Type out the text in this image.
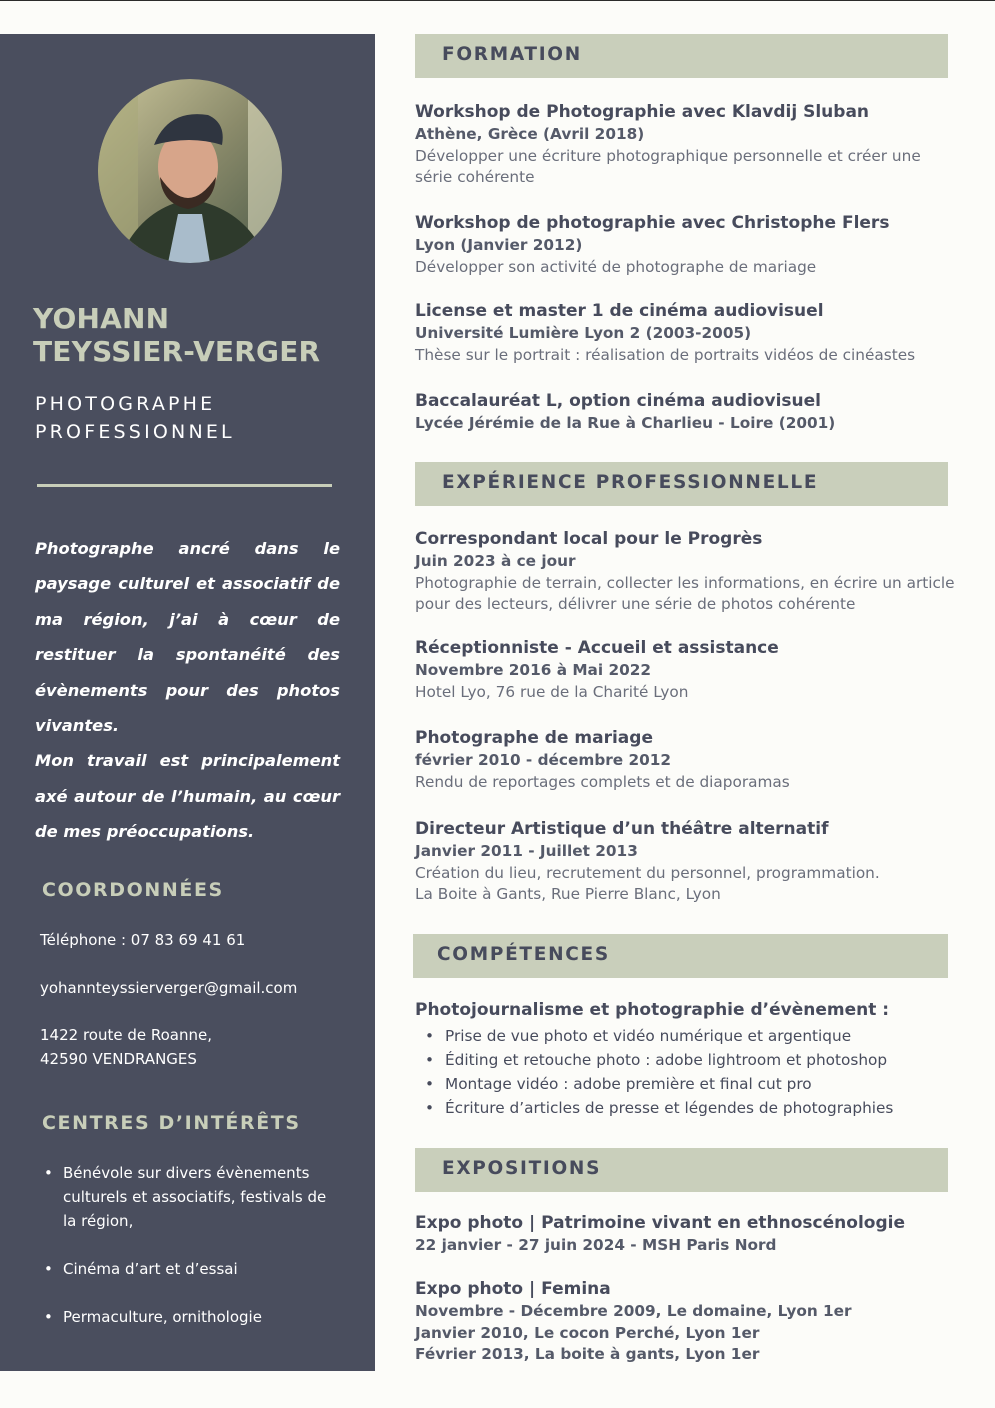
YOHANN
TEYSSIER-VERGER
PHOTOGRAPHE
PROFESSIONNEL

Photographe ancré dans le paysage culturel et associatif de ma région, j’ai à cœur de restituer la spontanéité des évènements pour des photos vivantes.

Mon travail est principalement axé autour de l’humain, au cœur de mes préoccupations.

COORDONNÉES
Téléphone : 07 83 69 41 61
yohannteyssierverger@gmail.com
1422 route de Roanne,
42590 VENDRANGES
CENTRES D’INTÉRÊTS
• Bénévole sur divers évènements culturels et associatifs, festivals de la région,
• Cinéma d’art et d’essai
• Permaculture, ornithologie
FORMATION
Workshop de Photographie avec Klavdij Sluban
Athène, Grèce (Avril 2018)
Développer une écriture photographique personnelle et créer une série cohérente
Workshop de photographie avec Christophe Flers
Lyon (Janvier 2012)
Développer son activité de photographe de mariage
License et master 1 de cinéma audiovisuel
Université Lumière Lyon 2 (2003-2005)
Thèse sur le portrait : réalisation de portraits vidéos de cinéastes
Baccalauréat L, option cinéma audiovisuel
Lycée Jérémie de la Rue à Charlieu - Loire (2001)
EXPÉRIENCE PROFESSIONNELLE
Correspondant local pour le Progrès
Juin 2023 à ce jour
Photographie de terrain, collecter les informations, en écrire un article pour des lecteurs, délivrer une série de photos cohérente
Réceptionniste - Accueil et assistance
Novembre 2016 à Mai 2022
Hotel Lyo, 76 rue de la Charité Lyon
Photographe de mariage
février 2010 - décembre 2012
Rendu de reportages complets et de diaporamas
Directeur Artistique d’un théâtre alternatif
Janvier 2011 - Juillet 2013
Création du lieu, recrutement du personnel, programmation.
La Boite à Gants, Rue Pierre Blanc, Lyon
COMPÉTENCES
Photojournalisme et photographie d’évènement :
• Prise de vue photo et vidéo numérique et argentique
• Éditing et retouche photo : adobe lightroom et photoshop
• Montage vidéo : adobe première et final cut pro
• Écriture d’articles de presse et légendes de photographies
EXPOSITIONS
Expo photo | Patrimoine vivant en ethnoscénologie
22 janvier - 27 juin 2024 - MSH Paris Nord
Expo photo | Femina
Novembre - Décembre 2009, Le domaine, Lyon 1er
Janvier 2010, Le cocon Perché, Lyon 1er
Février 2013, La boite à gants, Lyon 1er
